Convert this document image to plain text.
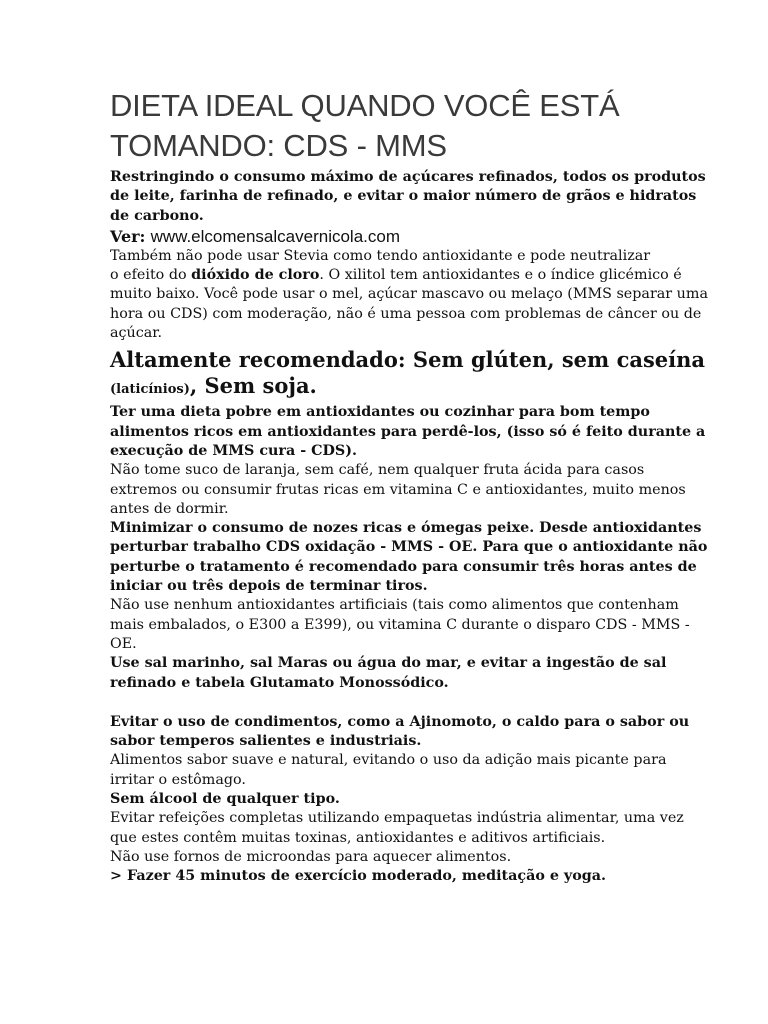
DIETA IDEAL QUANDO VOCÊ ESTÁ TOMANDO: CDS - MMS

Restringindo o consumo máximo de açúcares refinados, todos os produtos de leite, farinha de refinado, e evitar o maior número de grãos e hidratos de carbono.

Ver: www.elcomensalcavernicola.com

Também não pode usar Stevia como tendo antioxidante e pode neutralizar

o efeito do dióxido de cloro. O xilitol tem antioxidantes e o índice glicémico é muito baixo. Você pode usar o mel, açúcar mascavo ou melaço (MMS separar uma hora ou CDS) com moderação, não é uma pessoa com problemas de câncer ou de açúcar.

Altamente recomendado: Sem glúten, sem caseína (laticínios), Sem soja.

Ter uma dieta pobre em antioxidantes ou cozinhar para bom tempo alimentos ricos em antioxidantes para perdê-los, (isso só é feito durante a execução de MMS cura - CDS).

Não tome suco de laranja, sem café, nem qualquer fruta ácida para casos extremos ou consumir frutas ricas em vitamina C e antioxidantes, muito menos antes de dormir.

Minimizar o consumo de nozes ricas e ómegas peixe. Desde antioxidantes perturbar trabalho CDS oxidação - MMS - OE. Para que o antioxidante não perturbe o tratamento é recomendado para consumir três horas antes de iniciar ou três depois de terminar tiros.

Não use nenhum antioxidantes artificiais (tais como alimentos que contenham mais embalados, o E300 a E399), ou vitamina C durante o disparo CDS - MMS - OE.

Use sal marinho, sal Maras ou água do mar, e evitar a ingestão de sal refinado e tabela Glutamato Monossódico.

Evitar o uso de condimentos, como a Ajinomoto, o caldo para o sabor ou sabor temperos salientes e industriais.

Alimentos sabor suave e natural, evitando o uso da adição mais picante para irritar o estômago.

Sem álcool de qualquer tipo.

Evitar refeições completas utilizando empaquetas indústria alimentar, uma vez que estes contêm muitas toxinas, antioxidantes e aditivos artificiais.

Não use fornos de microondas para aquecer alimentos.

> Fazer 45 minutos de exercício moderado, meditação e yoga.
